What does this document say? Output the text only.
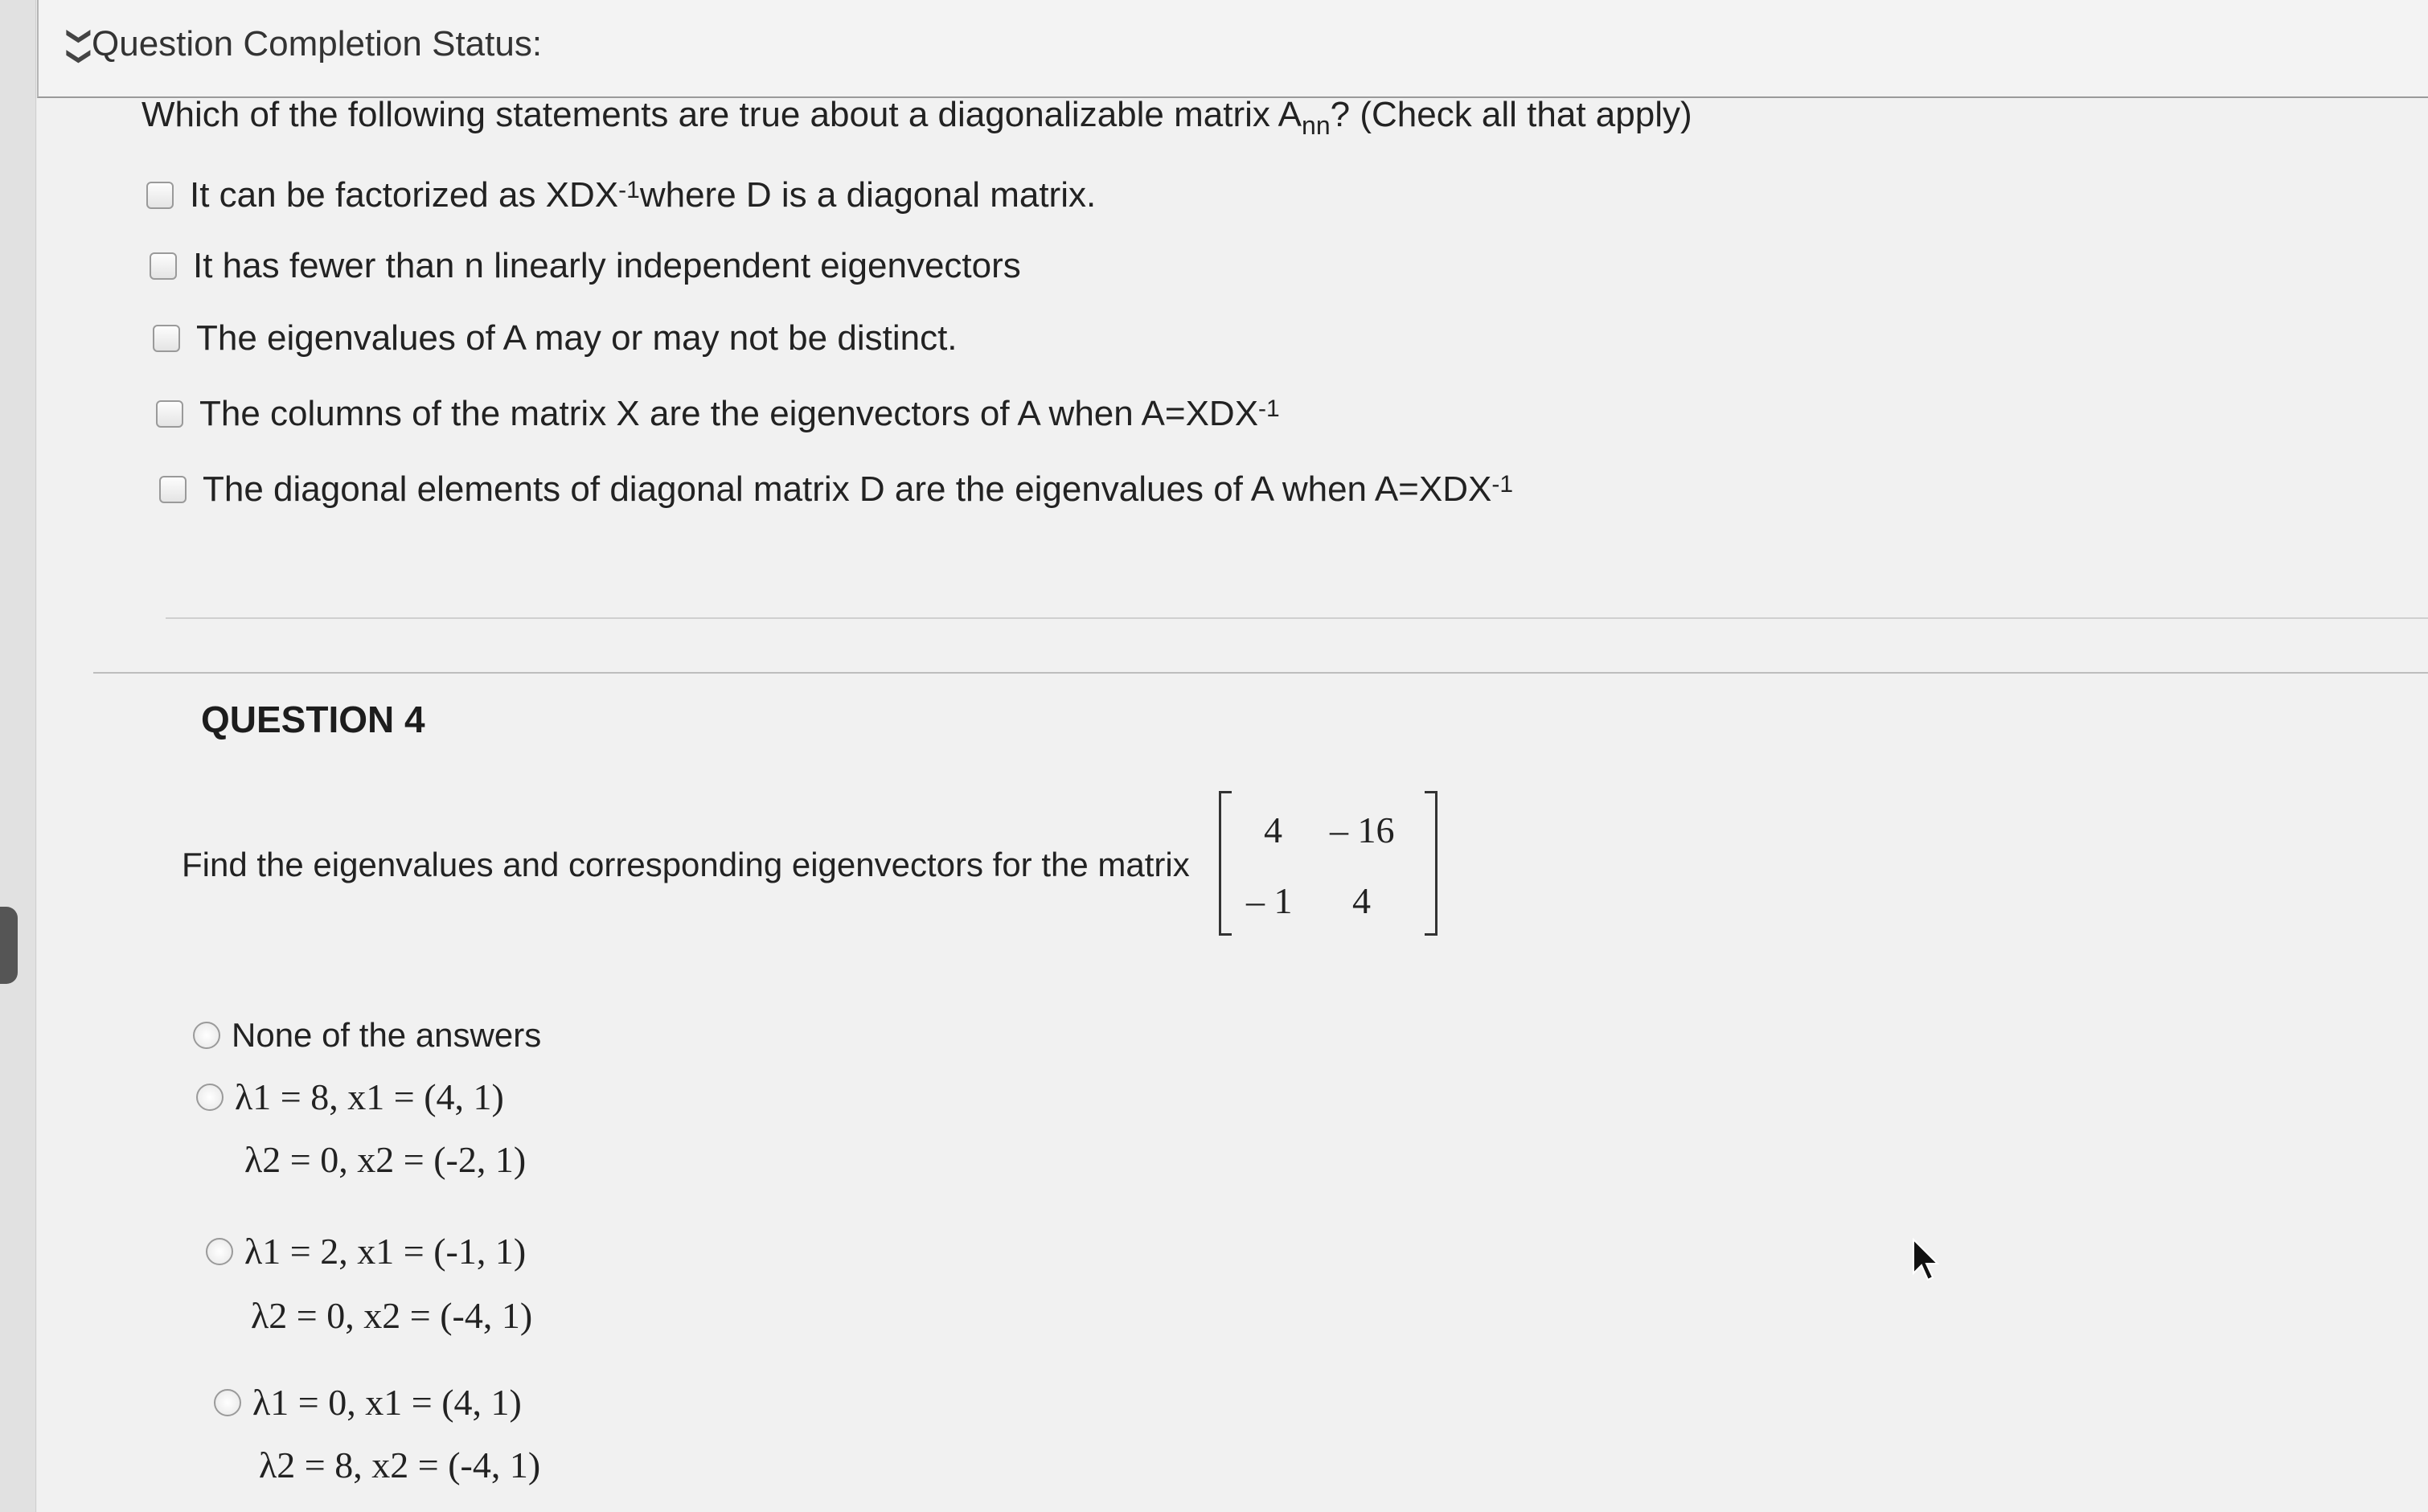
❯❯
Question Completion Status:
Which of the following statements are true about a diagonalizable matrix $A_{nn}$? (Check all that apply)
It can be factorized as $XDX^{-1}$ where D is a diagonal matrix.
It has fewer than n linearly independent eigenvectors
The eigenvalues of A may or may not be distinct.
The columns of the matrix X are the eigenvectors of A when $A=XDX^{-1}$
The diagonal elements of diagonal matrix D are the eigenvalues of A when $A=XDX^{-1}$
QUESTION 4
Find the eigenvalues and corresponding eigenvectors for the matrix
4 – 16
– 1 4
None of the answers
λ1 = 8, x1 = (4, 1)
λ2 = 0, x2 = (-2, 1)
λ1 = 2, x1 = (-1, 1)
λ2 = 0, x2 = (-4, 1)
λ1 = 0, x1 = (4, 1)
λ2 = 8, x2 = (-4, 1)
